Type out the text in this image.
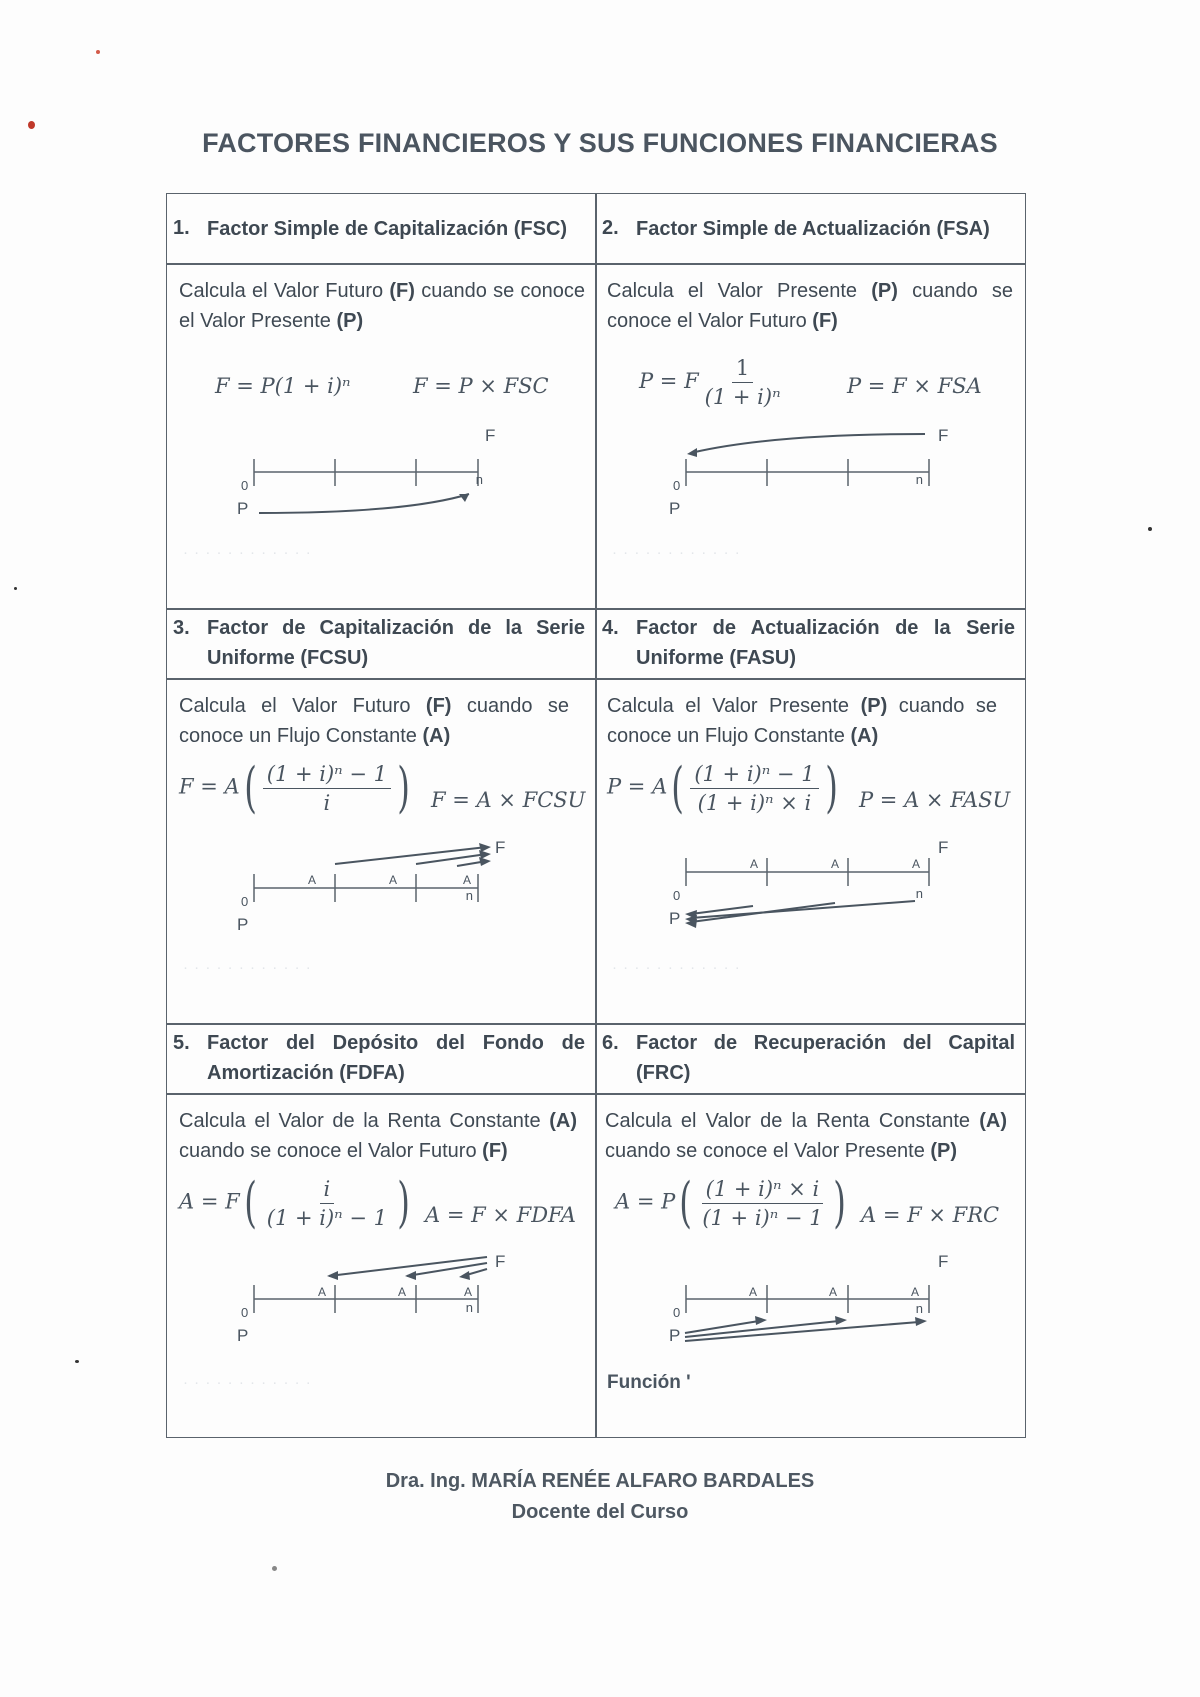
FACTORES FINANCIEROS Y SUS FUNCIONES FINANCIERAS
1. Factor Simple de Capitalización (FSC)
Calcula el Valor Futuro (F) cuando se conoce el Valor Presente (P)
F = P(1 + i)ⁿ	F = P × FSC
0
P
F
n
· · · · · · · · · · · ·
2. Factor Simple de Actualización (FSA)
Calcula el Valor Presente (P) cuando se conoce el Valor Futuro (F)
P = F $\frac{1}{\text{(1 + i)ⁿ}}$	P = F × FSA
0
P
F
n
· · · · · · · · · · · ·
3. Factor de Capitalización de la Serie Uniforme (FCSU)
Calcula el Valor Futuro (F) cuando se conoce un Flujo Constante (A)
$F = A( \frac{\text{(1 + i)ⁿ − 1}}{i}$ ) F = A × FCSU
A	A	A
0
P
F
n
· · · · · · · · · · · ·
4. Factor de Actualización de la Serie Uniforme (FASU)
Calcula el Valor Presente (P) cuando se conoce un Flujo Constante (A)
$P = A( \frac{\text{(1 + i)ⁿ − 1}}{\text{(1 + i)ⁿ × i}}$ ) P = A × FASU
A	A	A
0
P
F
n
· · · · · · · · · · · ·
5. Factor del Depósito del Fondo de Amortización (FDFA)
Calcula el Valor de la Renta Constante (A) cuando se conoce el Valor Futuro (F)
$A = F( \frac{i}{\text{(1 + i)ⁿ − 1}}$ ) A = F × FDFA
A	A	A
0
P
F
n
· · · · · · · · · · · ·
6. Factor de Recuperación del Capital (FRC)
Calcula el Valor de la Renta Constante (A) cuando se conoce el Valor Presente (P)
$A = P( \frac{\text{(1 + i)ⁿ × i}}{\text{(1 + i)ⁿ − 1}}$ ) A = F × FRC
A	A	A
0
P
F
n
Función '
Dra. Ing. MARÍA RENÉE ALFARO BARDALES
Docente del Curso
